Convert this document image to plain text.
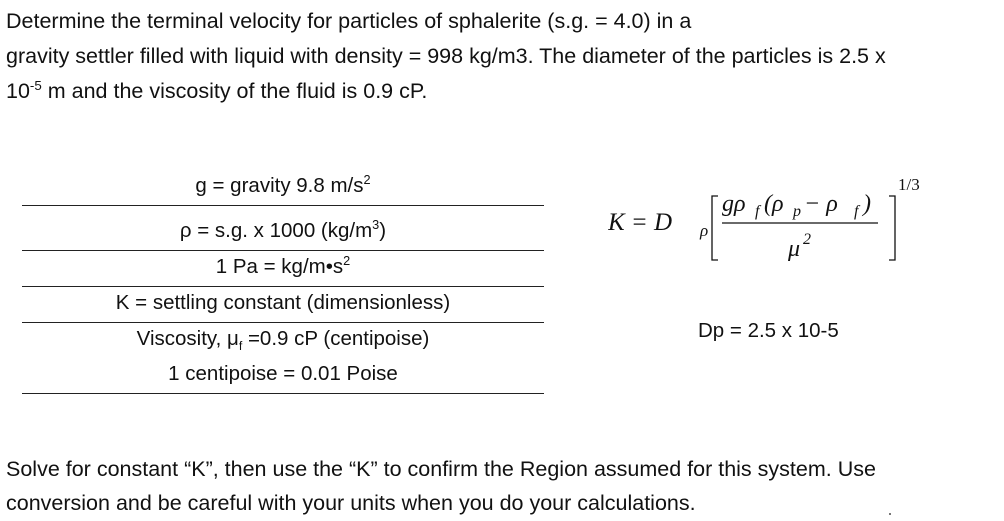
Determine the terminal velocity for particles of sphalerite (s.g. = 4.0) in a
gravity settler filled with liquid with density = 998 kg/m3. The diameter of the particles is 2.5 x
$10^{-5}$ m and the viscosity of the fluid is 0.9 cP.
g = gravity 9.8 $m/s^2$
ρ = s.g. x 1000 $(kg/m^3)$
1 $Pa = kg/m•s^2$
K = settling constant (dimensionless)
Viscosity, $\mu_f =0.9$ cP (centipoise)
1 centipoise = 0.01 Poise
K = D ρ
gρ f (ρ p − ρ f )
μ 2
1/3
Dp = 2.5 x 10-5
Solve for constant “K”, then use the “K” to confirm the Region assumed for this system. Use
conversion and be careful with your units when you do your calculations.
